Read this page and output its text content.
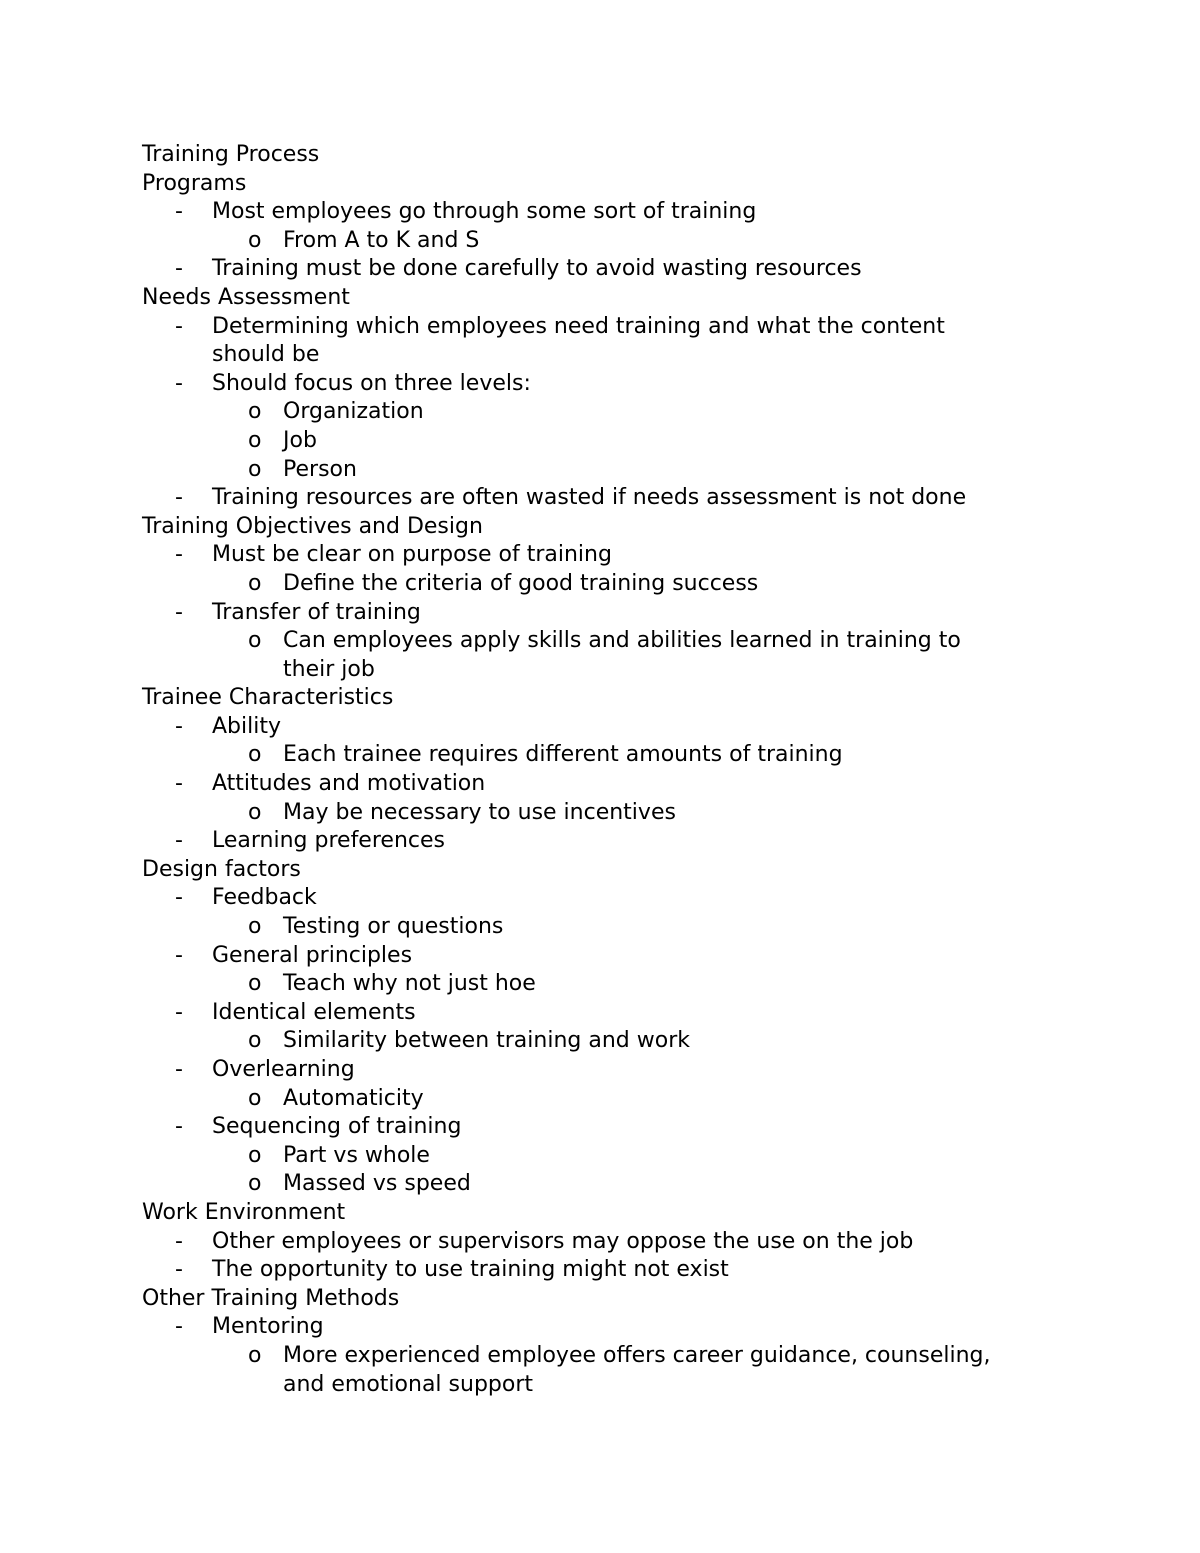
Training Process
Programs
- Most employees go through some sort of training
o From A to K and S
- Training must be done carefully to avoid wasting resources
Needs Assessment
- Determining which employees need training and what the content
should be
- Should focus on three levels:
o Organization
o Job
o Person
- Training resources are often wasted if needs assessment is not done
Training Objectives and Design
- Must be clear on purpose of training
o Define the criteria of good training success
- Transfer of training
o Can employees apply skills and abilities learned in training to
their job
Trainee Characteristics
- Ability
o Each trainee requires different amounts of training
- Attitudes and motivation
o May be necessary to use incentives
- Learning preferences
Design factors
- Feedback
o Testing or questions
- General principles
o Teach why not just hoe
- Identical elements
o Similarity between training and work
- Overlearning
o Automaticity
- Sequencing of training
o Part vs whole
o Massed vs speed
Work Environment
- Other employees or supervisors may oppose the use on the job
- The opportunity to use training might not exist
Other Training Methods
- Mentoring
o More experienced employee offers career guidance, counseling,
and emotional support
